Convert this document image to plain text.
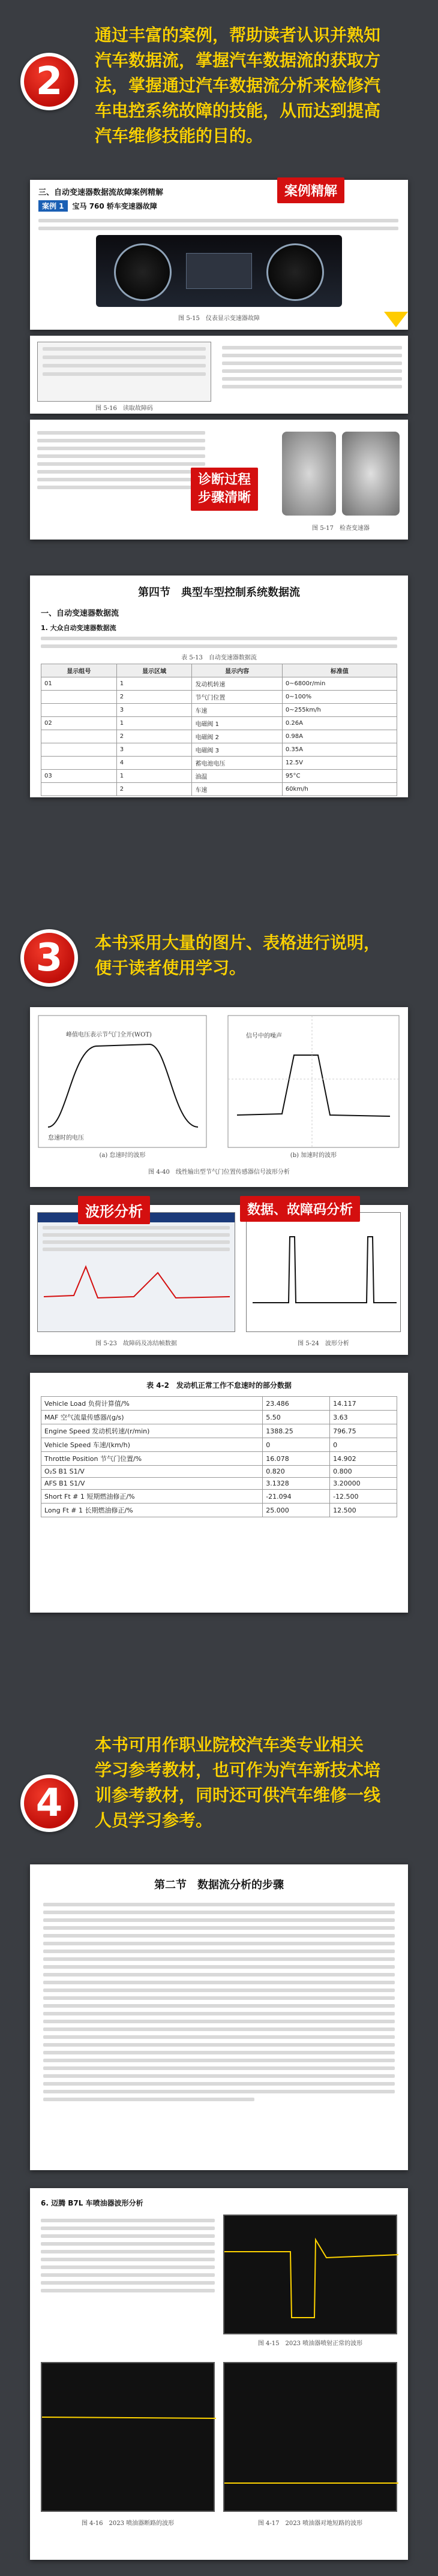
2
通过丰富的案例，帮助读者认识并熟知
汽车数据流，掌握汽车数据流的获取方
法，掌握通过汽车数据流分析来检修汽
车电控系统故障的技能，从而达到提高
汽车维修技能的目的。
三、自动变速器数据流故障案例精解
案例 1	宝马 760 轿车变速器故障
图 5-15　仪表显示变速器故障
案例精解
图 5-16　读取故障码
图 5-17　检查变速器
诊断过程
步骤清晰
第四节　典型车型控制系统数据流
一、自动变速器数据流
1. 大众自动变速器数据流
表 5-13　自动变速器数据流
显示组号	显示区域	显示内容	标准值
01	1	发动机转速	0~6800r/min
	2	节气门位置	0~100%
	3	车速	0~255km/h
02	1	电磁阀 1	0.26A
	2	电磁阀 2	0.98A
	3	电磁阀 3	0.35A
	4	蓄电池电压	12.5V
03	1	油温	95°C
	2	车速	60km/h
3 本书采用大量的图片、表格进行说明，
便于读者使用学习。
峰值电压表示节气门全开(WOT)
怠速时的电压
信号中的噪声
(a) 怠速时的波形	(b) 加速时的波形
图 4-40　线性输出型节气门位置传感器信号波形分析
图 5-23　故障码及冻结帧数据	图 5-24　波形分析
波形分析	数据、故障码分析
表 4-2　发动机正常工作不怠速时的部分数据
Vehicle Load 负荷计算值/%	23.486	14.117
MAF 空气流量传感器/(g/s)	5.50	3.63
Engine Speed 发动机转速/(r/min)	1388.25	796.75
Vehicle Speed 车速/(km/h)	0	0
Throttle Position 节气门位置/%	16.078	14.902
O₂S B1 S1/V	0.820	0.800
AFS B1 S1/V	3.1328	3.20000
Short Ft # 1 短期燃油修正/%	-21.094	-12.500
Long Ft # 1 长期燃油修正/%	25.000	12.500
4
本书可用作职业院校汽车类专业相关
学习参考教材，也可作为汽车新技术培
训参考教材，同时还可供汽车维修一线
人员学习参考。
第二节　数据流分析的步骤
6. 迈腾 B7L 车喷油器波形分析
图 4-15　2023 喷油器喷射正常的波形
图 4-16　2023 喷油器断路的波形	图 4-17　2023 喷油器对地短路的波形
